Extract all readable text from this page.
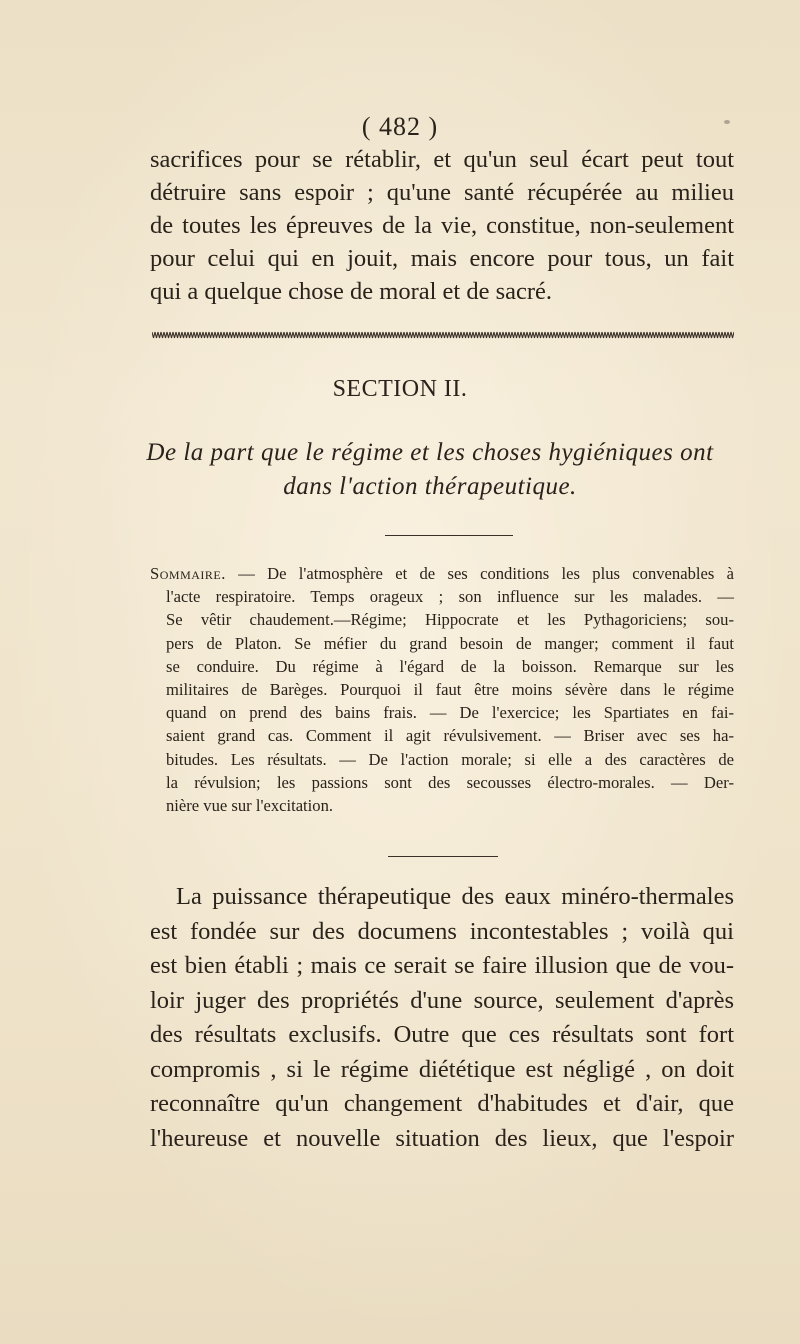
( 482 )
sacrifices pour se rétablir, et qu'un seul écart peut tout
détruire sans espoir ; qu'une santé récupérée au milieu
de toutes les épreuves de la vie, constitue, non-seulement
pour celui qui en jouit, mais encore pour tous, un fait
qui a quelque chose de moral et de sacré.
SECTION II.
De la part que le régime et les choses hygiéniques ont
dans l'action thérapeutique.
Sommaire. — De l'atmosphère et de ses conditions les plus convenables à
l'acte respiratoire. Temps orageux ; son influence sur les malades. —
Se vêtir chaudement.—Régime; Hippocrate et les Pythagoriciens; sou-
pers de Platon. Se méfier du grand besoin de manger; comment il faut
se conduire. Du régime à l'égard de la boisson. Remarque sur les
militaires de Barèges. Pourquoi il faut être moins sévère dans le régime
quand on prend des bains frais. — De l'exercice; les Spartiates en fai-
saient grand cas. Comment il agit révulsivement. — Briser avec ses ha-
bitudes. Les résultats. — De l'action morale; si elle a des caractères de
la révulsion; les passions sont des secousses électro-morales. — Der-
nière vue sur l'excitation.
La puissance thérapeutique des eaux minéro-thermales
est fondée sur des documens incontestables ; voilà qui
est bien établi ; mais ce serait se faire illusion que de vou-
loir juger des propriétés d'une source, seulement d'après
des résultats exclusifs. Outre que ces résultats sont fort
compromis , si le régime diététique est négligé , on doit
reconnaître qu'un changement d'habitudes et d'air, que
l'heureuse et nouvelle situation des lieux, que l'espoir
